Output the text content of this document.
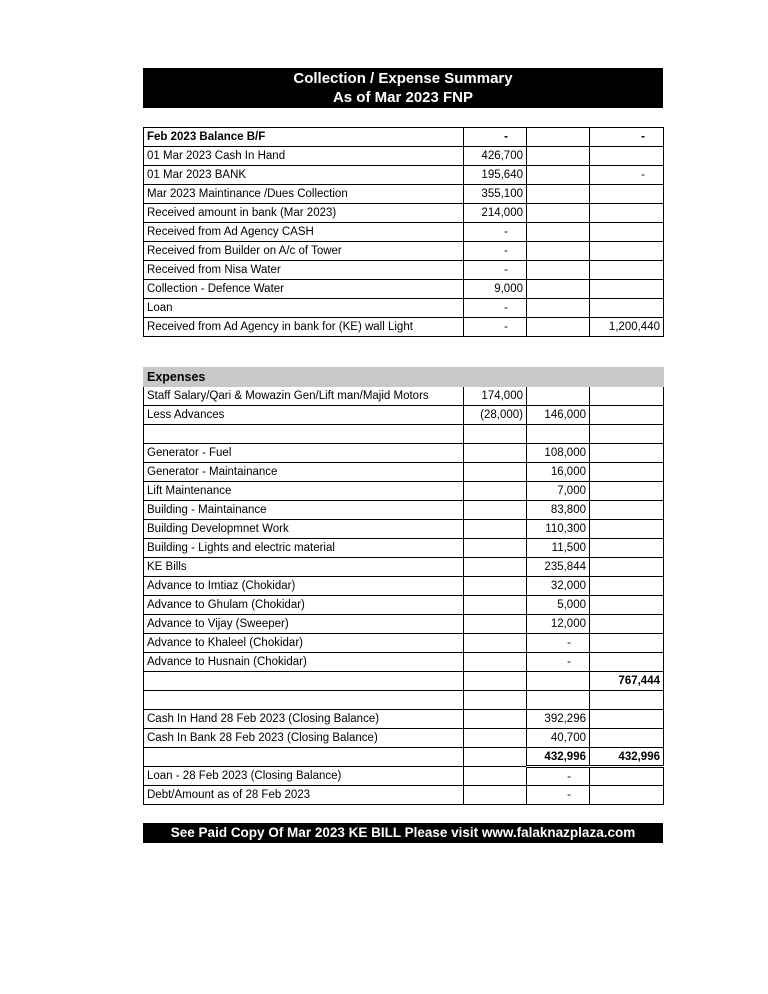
Collection / Expense Summary
As of Mar 2023 FNP
Feb 2023 Balance B/F	-		-
01 Mar 2023 Cash In Hand	426,700		
01 Mar 2023 BANK	195,640		-
Mar 2023 Maintinance /Dues Collection	355,100		
Received amount in bank (Mar 2023)	214,000		
Received from Ad Agency CASH	-		
Received from Builder on A/c of Tower	-		
Received from Nisa Water	-		
Collection - Defence Water	9,000		
Loan	-		
Received from Ad Agency in bank for (KE) wall Light	-		1,200,440
Expenses			
Staff Salary/Qari & Mowazin Gen/Lift man/Majid Motors	174,000		
Less Advances	(28,000)	146,000	

Generator - Fuel		108,000	
Generator - Maintainance		16,000	
Lift Maintenance		7,000	
Building - Maintainance		83,800	
Building Developmnet Work		110,300	
Building - Lights and electric material		11,500	
KE Bills		235,844	
Advance to Imtiaz (Chokidar)		32,000	
Advance to Ghulam (Chokidar)		5,000	
Advance to Vijay (Sweeper)		12,000	
Advance to Khaleel (Chokidar)		-	
Advance to Husnain (Chokidar)		-	
			767,444

Cash In Hand 28 Feb 2023 (Closing Balance)		392,296	
Cash In Bank 28 Feb 2023 (Closing Balance)		40,700	
		432,996	432,996
Loan - 28 Feb 2023 (Closing Balance)		-	
Debt/Amount as of 28 Feb 2023		-	
See Paid Copy Of Mar 2023 KE BILL Please visit www.falaknazplaza.com
